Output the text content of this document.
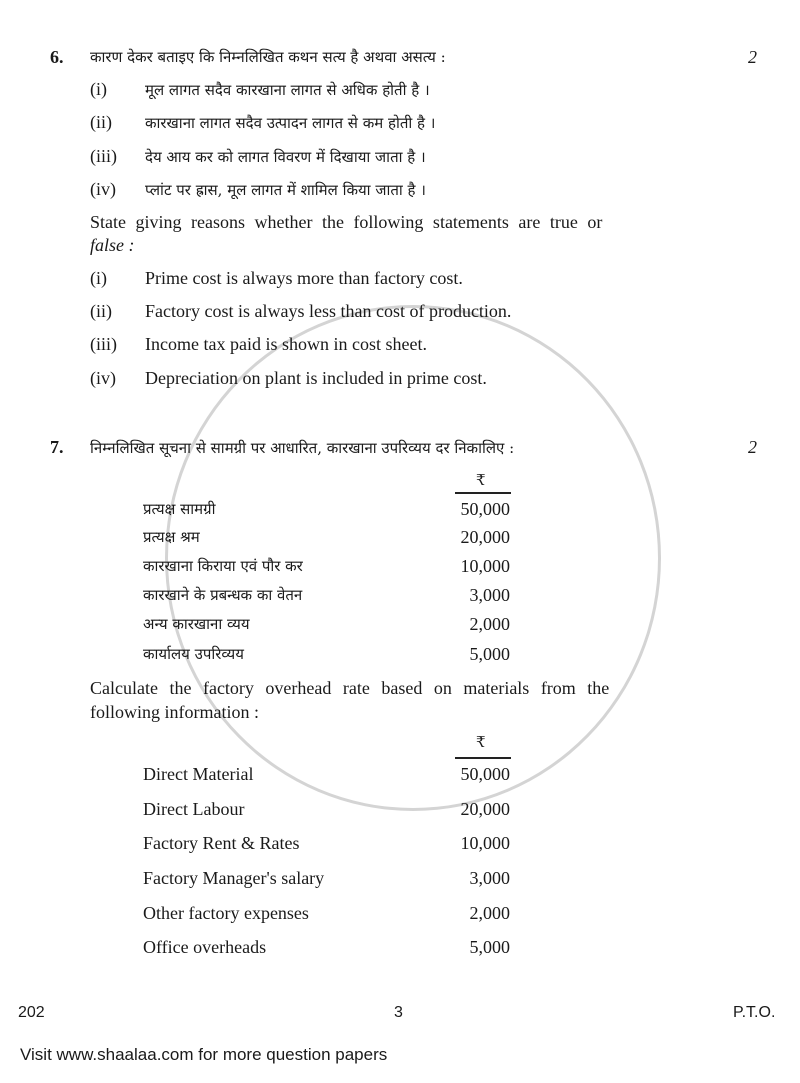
6. कारण देकर बताइए कि निम्नलिखित कथन सत्य है अथवा असत्य :	2
(i)	मूल लागत सदैव कारखाना लागत से अधिक होती है ।
(ii) कारखाना लागत सदैव उत्पादन लागत से कम होती है ।
(iii) देय आय कर को लागत विवरण में दिखाया जाता है ।
(iv) प्लांट पर ह्रास, मूल लागत में शामिल किया जाता है ।
State giving reasons whether the following statements are true or
false :
(i) Prime cost is always more than factory cost.
(ii) Factory cost is always less than cost of production.
(iii) Income tax paid is shown in cost sheet.
(iv) Depreciation on plant is included in prime cost.
7. निम्नलिखित सूचना से सामग्री पर आधारित, कारखाना उपरिव्यय दर निकालिए :	2
₹
प्रत्यक्ष सामग्री	50,000
प्रत्यक्ष श्रम	20,000
कारखाना किराया एवं पौर कर	10,000
कारखाने के प्रबन्धक का वेतन	3,000
अन्य कारखाना व्यय	2,000
कार्यालय उपरिव्यय	5,000
Calculate the factory overhead rate based on materials from the
following information :
₹
Direct Material	50,000
Direct Labour	20,000
Factory Rent & Rates	10,000
Factory Manager's salary	3,000
Other factory expenses	2,000
Office overheads	5,000
202	3	P.T.O.
Visit www.shaalaa.com for more question papers
